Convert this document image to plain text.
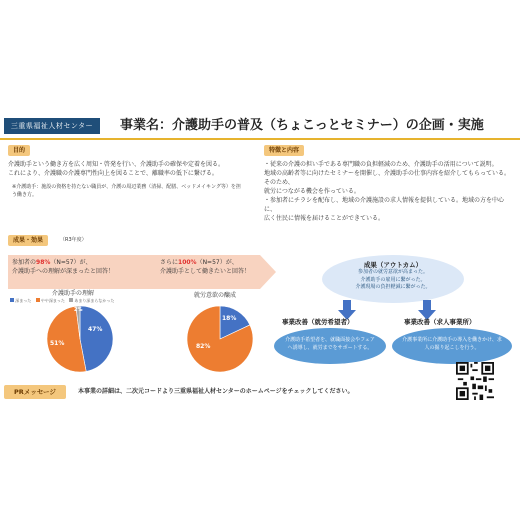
三重県福祉人材センター	事業名：介護助手の普及（ちょこっとセミナー）の企画・実施
目的
介護助手という働き方を広く周知・啓発を行い、介護助手の確保や定着を図る。
これにより、介護職の介護専門性向上を図ることで、離職率の低下に繋げる。
※介護助手：施設の資格を持たない職員が、介護の周辺業務（清掃、配膳、ベッドメイキング等）を担う働き方。
特徴と内容
・従来の介護の担い手である専門職の負担軽減のため、介護助手の活用について説明。
地域の高齢者等に向けたセミナーを開催し、介護助手の仕事内容を紹介してもらっている。そのため、
就労につながる機会を作っている。
・参加者にチラシを配布し、地域の介護施設の求人情報を提供している。地域の方を中心に、
広く住民に情報を届けることができている。
成果・効果	（R3年度）
参加者の98%（N=57）が、
介護助手への理解が深まったと回答！
さらに100%（N=57）が、
介護助手として働きたいと回答！
介護助手の理解
深まった やや深まった あまり深まらなかった
47%
51%
2%
就労意欲の醸成
18%
82%
成果（アウトカム）
参加者の就労意欲が高まった。
介護助手の雇用に繋がった。
介護現場の負担軽減に繋がった。
事業改善（就労希望者）
介護助手希望者を、就職面接会やフェアへ誘導し、就労までをサポートする。
事業改善（求人事業所）
介護事業所に介護助手の導入を働きかけ、求人の掘り起こしを行う。
PRメッセージ	本事業の詳細は、二次元コードより三重県福祉人材センターのホームページをチェックしてください。
